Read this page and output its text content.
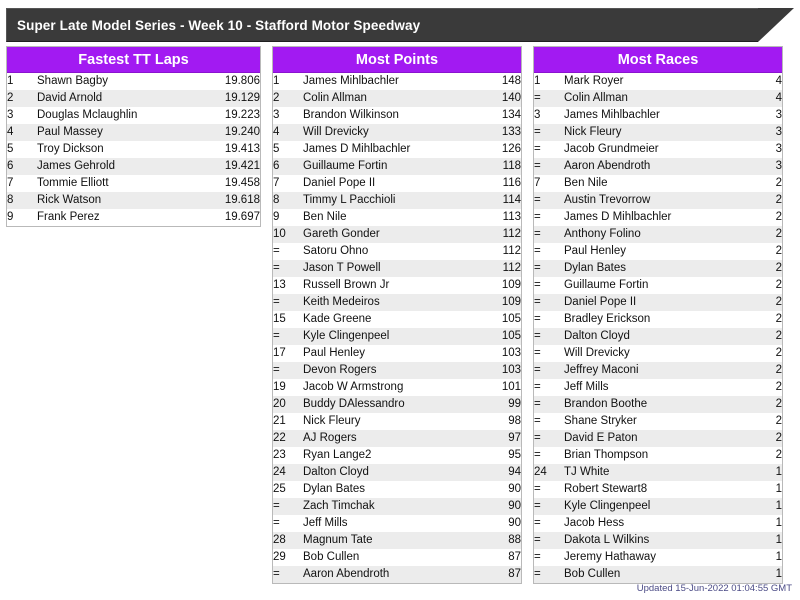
Super Late Model Series - Week 10 - Stafford Motor Speedway
Fastest TT Laps
1	Shawn Bagby	19.806
2	David Arnold	19.129
3	Douglas Mclaughlin	19.223
4	Paul Massey	19.240
5	Troy Dickson	19.413
6	James Gehrold	19.421
7	Tommie Elliott	19.458
8	Rick Watson	19.618
9	Frank Perez	19.697
Most Points
1	James Mihlbachler	148
2	Colin Allman	140
3	Brandon Wilkinson	134
4	Will Drevicky	133
5	James D Mihlbachler	126
6	Guillaume Fortin	118
7	Daniel Pope II	116
8	Timmy L Pacchioli	114
9	Ben Nile	113
10	Gareth Gonder	112
=	Satoru Ohno	112
=	Jason T Powell	112
13	Russell Brown Jr	109
=	Keith Medeiros	109
15	Kade Greene	105
=	Kyle Clingenpeel	105
17	Paul Henley	103
=	Devon Rogers	103
19	Jacob W Armstrong	101
20	Buddy DAlessandro	99
21	Nick Fleury	98
22	AJ Rogers	97
23	Ryan Lange2	95
24	Dalton Cloyd	94
25	Dylan Bates	90
=	Zach Timchak	90
=	Jeff Mills	90
28	Magnum Tate	88
29	Bob Cullen	87
=	Aaron Abendroth	87
Most Races
1	Mark Royer	4
=	Colin Allman	4
3	James Mihlbachler	3
=	Nick Fleury	3
=	Jacob Grundmeier	3
=	Aaron Abendroth	3
7	Ben Nile	2
=	Austin Trevorrow	2
=	James D Mihlbachler	2
=	Anthony Folino	2
=	Paul Henley	2
=	Dylan Bates	2
=	Guillaume Fortin	2
=	Daniel Pope II	2
=	Bradley Erickson	2
=	Dalton Cloyd	2
=	Will Drevicky	2
=	Jeffrey Maconi	2
=	Jeff Mills	2
=	Brandon Boothe	2
=	Shane Stryker	2
=	David E Paton	2
=	Brian Thompson	2
24	TJ White	1
=	Robert Stewart8	1
=	Kyle Clingenpeel	1
=	Jacob Hess	1
=	Dakota L Wilkins	1
=	Jeremy Hathaway	1
=	Bob Cullen	1
Updated 15-Jun-2022 01:04:55 GMT
